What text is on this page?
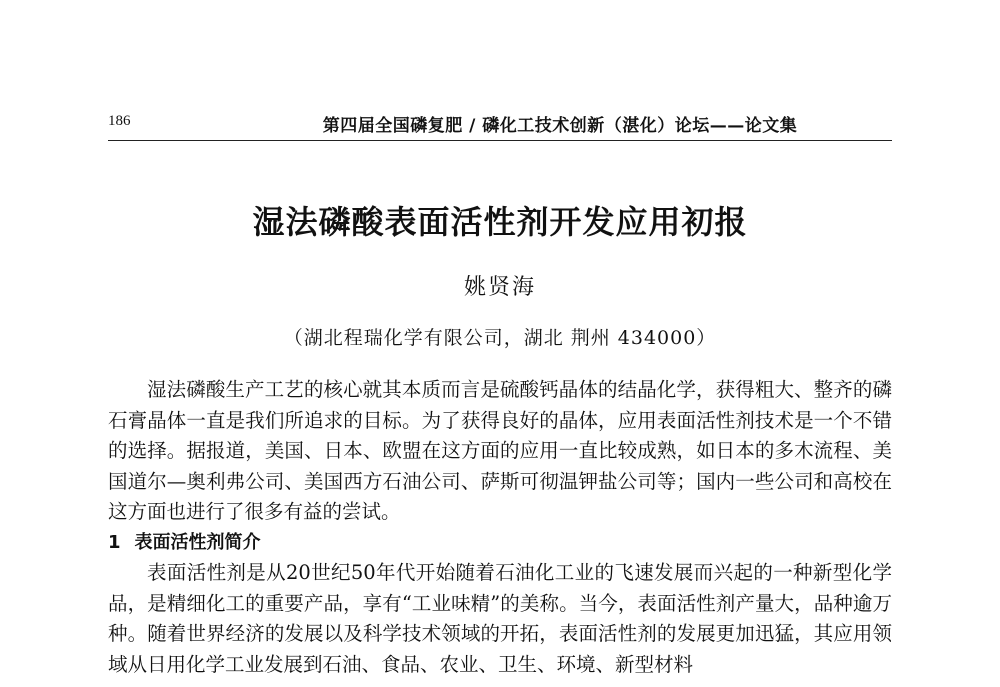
186	第四届全国磷复肥 / 磷化工技术创新（湛化）论坛——论文集
湿法磷酸表面活性剂开发应用初报
姚贤海
（湖北程瑞化学有限公司，湖北 荆州 434000）

湿法磷酸生产工艺的核心就其本质而言是硫酸钙晶体的结晶化学，获得粗大、整齐的磷石膏晶体一直是我们所追求的目标。为了获得良好的晶体，应用表面活性剂技术是一个不错的选择。据报道，美国、日本、欧盟在这方面的应用一直比较成熟，如日本的多木流程、美国道尔—奥利弗公司、美国西方石油公司、萨斯可彻温钾盐公司等；国内一些公司和高校在这方面也进行了很多有益的尝试。

1 表面活性剂简介

表面活性剂是从20世纪50年代开始随着石油化工业的飞速发展而兴起的一种新型化学品，是精细化工的重要产品，享有“工业味精”的美称。当今，表面活性剂产量大，品种逾万种。随着世界经济的发展以及科学技术领域的开拓，表面活性剂的发展更加迅猛，其应用领域从日用化学工业发展到石油、食品、农业、卫生、环境、新型材料
